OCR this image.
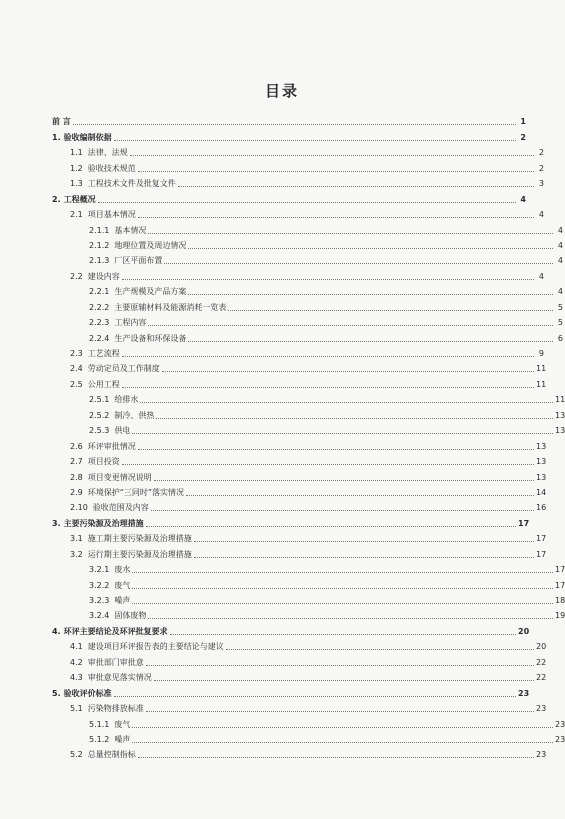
目录
前 言	1
1. 验收编制依据	2
1.1 法律、法规	2
1.2 验收技术规范	2
1.3 工程技术文件及批复文件	3
2. 工程概况	4
2.1 项目基本情况	4
2.1.1 基本情况	4
2.1.2 地理位置及周边情况	4
2.1.3 厂区平面布置	4
2.2 建设内容	4
2.2.1 生产规模及产品方案	4
2.2.2 主要原辅材料及能源消耗一览表	5
2.2.3 工程内容	5
2.2.4 生产设备和环保设备	6
2.3 工艺流程	9
2.4 劳动定员及工作制度	11
2.5 公用工程	11
2.5.1 给排水	11
2.5.2 制冷、供热	13
2.5.3 供电	13
2.6 环评审批情况	13
2.7 项目投资	13
2.8 项目变更情况说明	13
2.9 环境保护“三同时”落实情况	14
2.10 验收范围及内容	16
3. 主要污染源及治理措施	17
3.1 施工期主要污染源及治理措施	17
3.2 运行期主要污染源及治理措施	17
3.2.1 废水	17
3.2.2 废气	17
3.2.3 噪声	18
3.2.4 固体废物	19
4. 环评主要结论及环评批复要求	20
4.1 建设项目环评报告表的主要结论与建议	20
4.2 审批部门审批意	22
4.3 审批意见落实情况	22
5. 验收评价标准	23
5.1 污染物排放标准	23
5.1.1 废气	23
5.1.2 噪声	23
5.2 总量控制指标	23
